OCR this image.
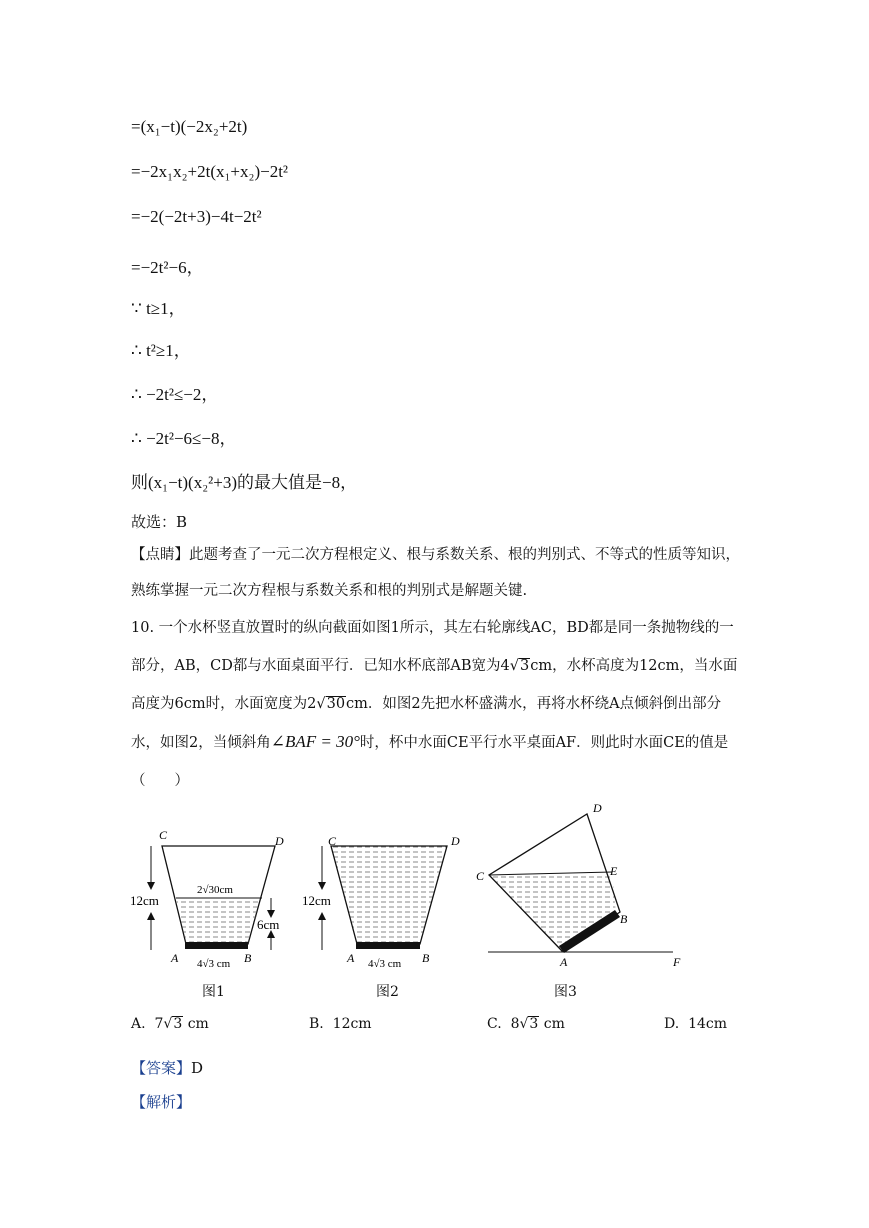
=(x₁−t)(−2x₂+2t)
=−2x₁x₂+2t(x₁+x₂)−2t²
=−2(−2t+3)−4t−2t²
=−2t²−6，
∵ t≥1，
∴ t²≥1，
∴ −2t²≤−2，
∴ −2t²−6≤−8，
则(x₁−t)(x₂²+3)的最大值是−8，
故选：B
【点睛】此题考查了一元二次方程根定义、根与系数关系、根的判别式、不等式的性质等知识，熟练掌握一元二次方程根与系数关系和根的判别式是解题关键.
10. 一个水杯竖直放置时的纵向截面如图1所示，其左右轮廓线AC，BD都是同一条抛物线的一部分，AB，CD都与水面桌面平行．已知水杯底部AB宽为4√3cm，水杯高度为12cm，当水面高度为6cm时，水面宽度为2√30cm．如图2先把水杯盛满水，再将水杯绕A点倾斜倒出部分水，如图2，当倾斜角∠BAF = 30°时，杯中水面CE平行水平桌面AF．则此时水面CE的值是（　　）
C	D
A	B
12cm
6cm
2√30cm
4√3 cm
C	D
A	B
12cm
4√3 cm
D
C	E
B
A	F
图1	图2	图3
A. 7√3 cm	B. 12cm	C. 8√3 cm	D. 14cm
【答案】D
【解析】
